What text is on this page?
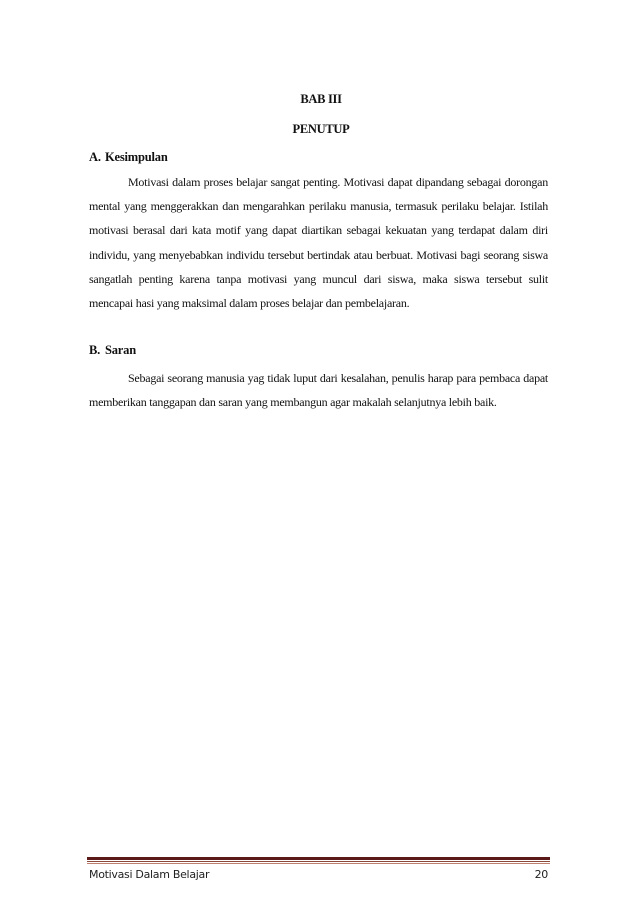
BAB III
PENUTUP
A. Kesimpulan

Motivasi dalam proses belajar sangat penting. Motivasi dapat dipandang sebagai dorongan mental yang menggerakkan dan mengarahkan perilaku manusia, termasuk perilaku belajar. Istilah motivasi berasal dari kata motif yang dapat diartikan sebagai kekuatan yang terdapat dalam diri individu, yang menyebabkan individu tersebut bertindak atau berbuat. Motivasi bagi seorang siswa sangatlah penting karena tanpa motivasi yang muncul dari siswa, maka siswa tersebut sulit mencapai hasi yang maksimal dalam proses belajar dan pembelajaran.

B. Saran

Sebagai seorang manusia yag tidak luput dari kesalahan, penulis harap para pembaca dapat memberikan tanggapan dan saran yang membangun agar makalah selanjutnya lebih baik.

Motivasi Dalam Belajar	20
